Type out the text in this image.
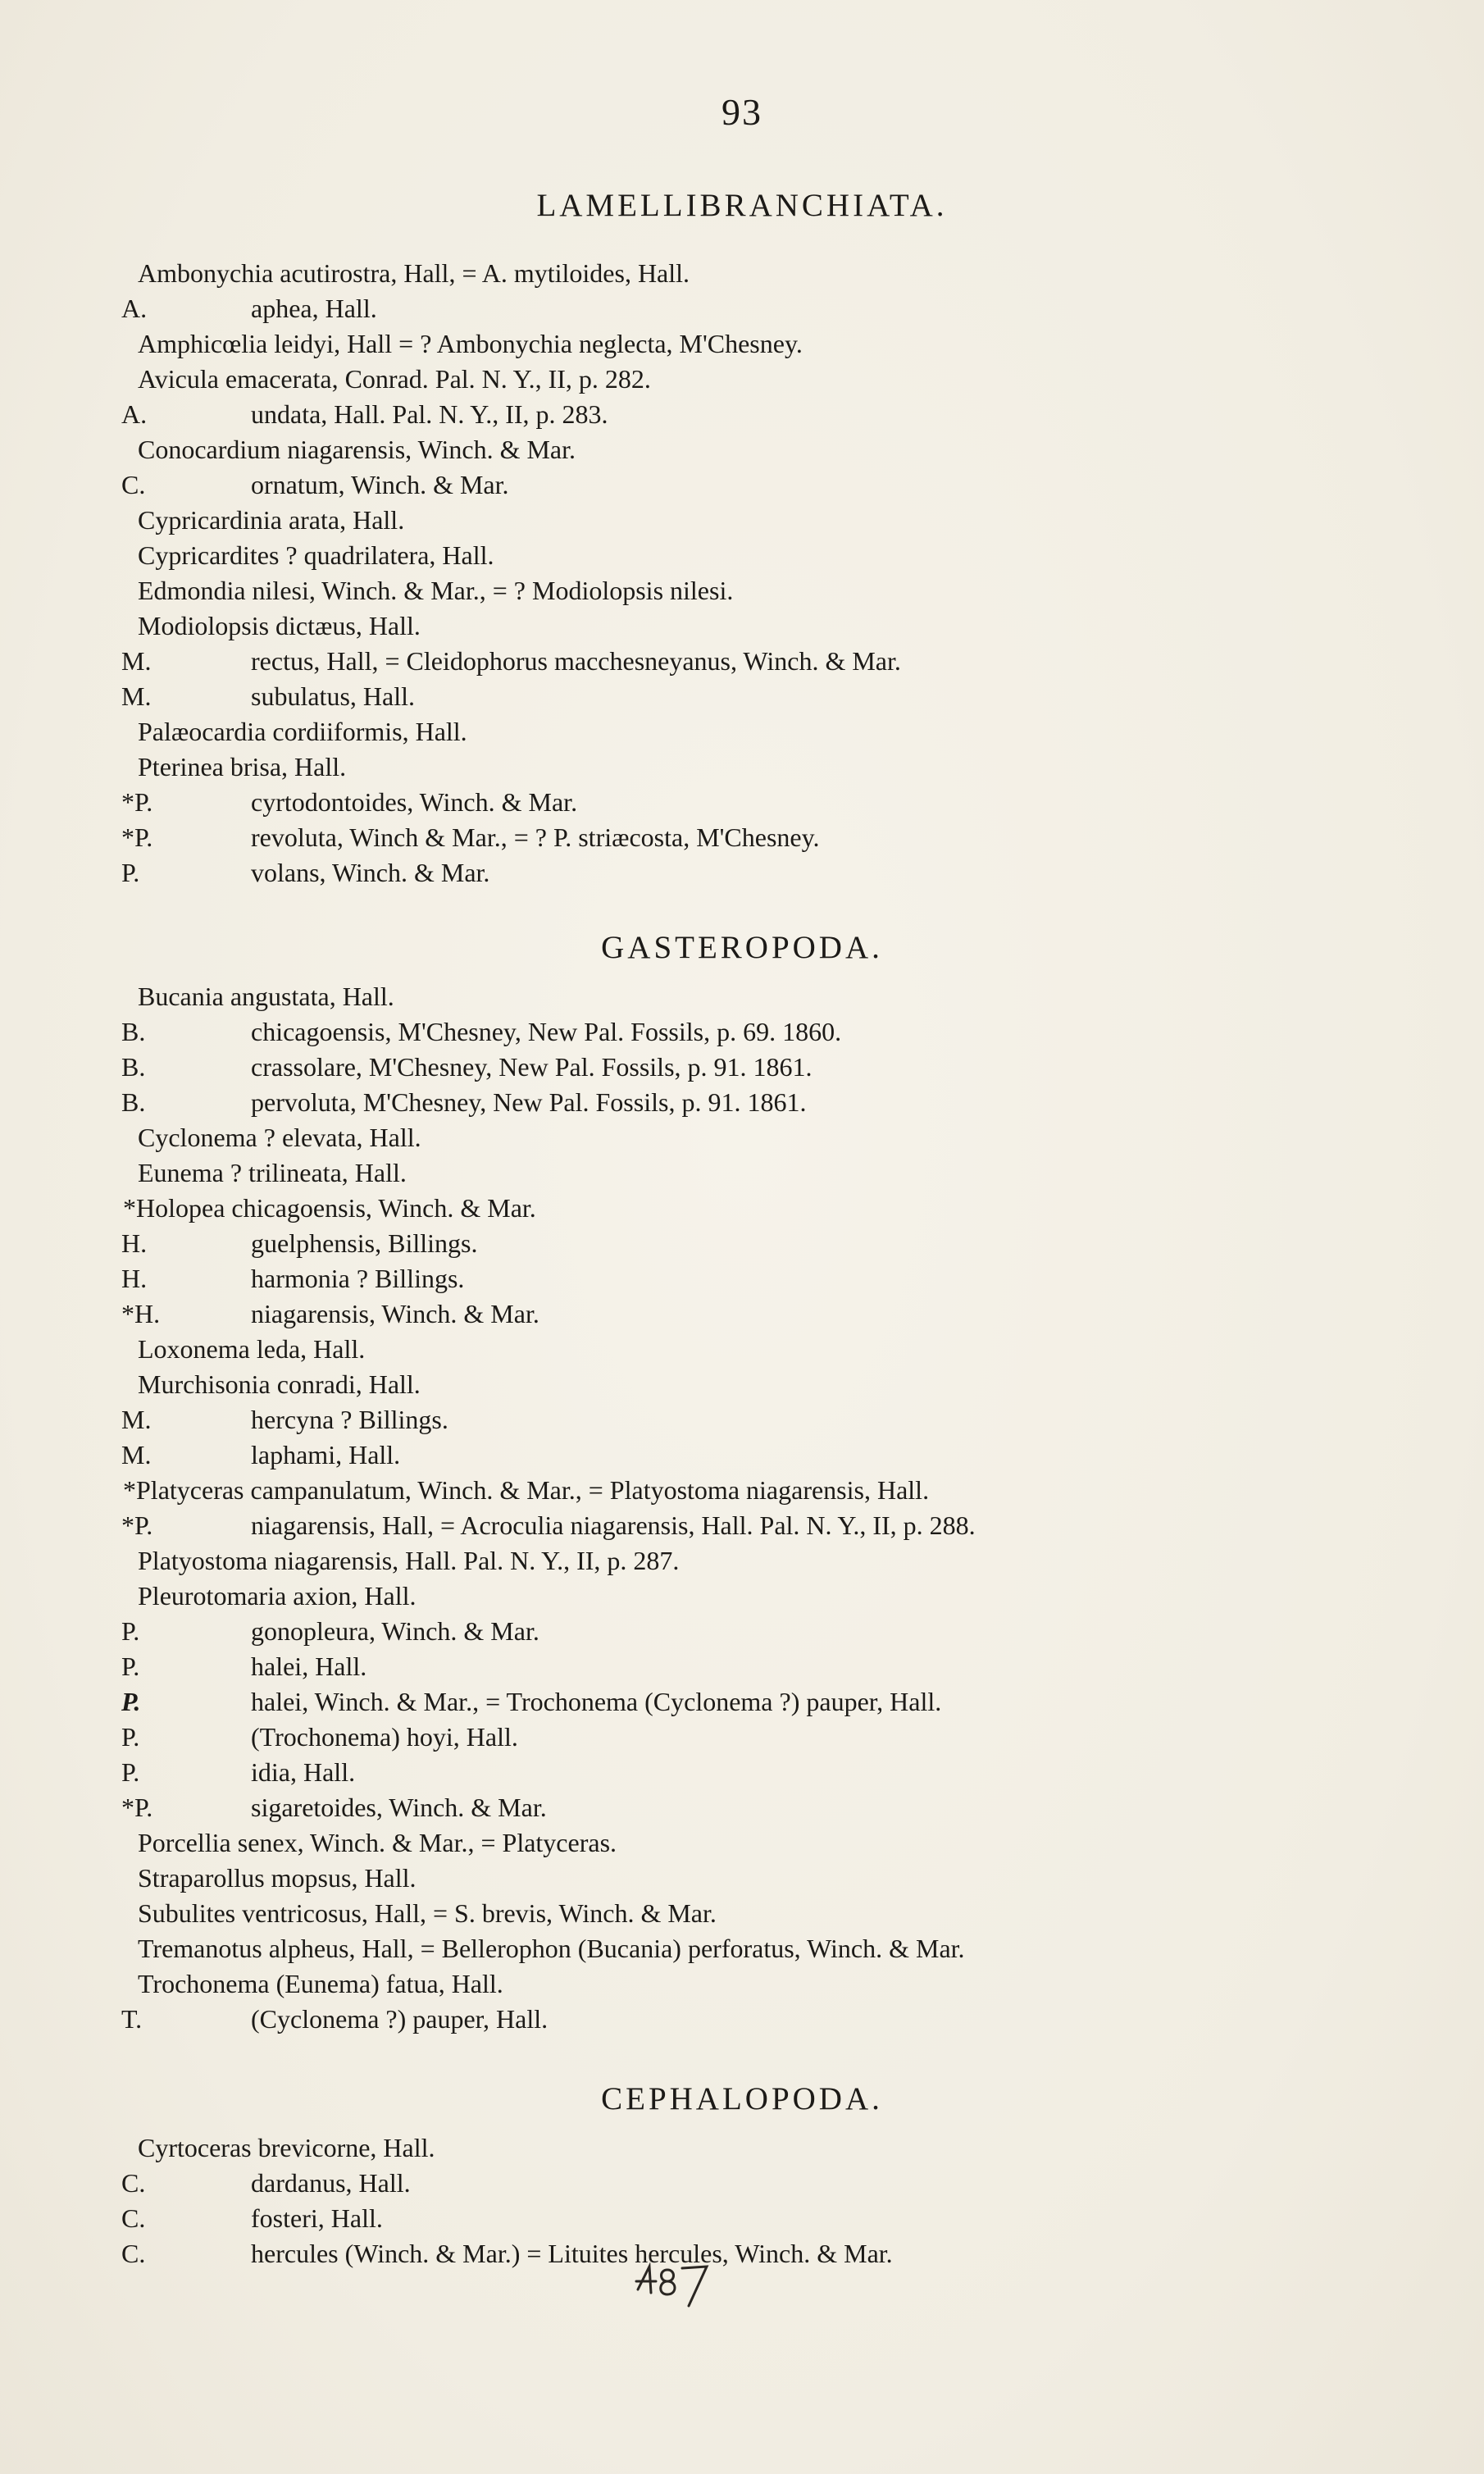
93
LAMELLIBRANCHIATA.
Ambonychia acutirostra, Hall, = A. mytiloides, Hall.
A.	aphea, Hall.
Amphicœlia leidyi, Hall = ? Ambonychia neglecta, M'Chesney.
Avicula emacerata, Conrad. Pal. N. Y., II, p. 282.
A.	undata, Hall. Pal. N. Y., II, p. 283.
Conocardium niagarensis, Winch. & Mar.
C.	ornatum, Winch. & Mar.
Cypricardinia arata, Hall.
Cypricardites ? quadrilatera, Hall.
Edmondia nilesi, Winch. & Mar., = ? Modiolopsis nilesi.
Modiolopsis dictæus, Hall.
M.	rectus, Hall, = Cleidophorus macchesneyanus, Winch. & Mar.
M.	subulatus, Hall.
Palæocardia cordiiformis, Hall.
Pterinea brisa, Hall.
*P.	cyrtodontoides, Winch. & Mar.
*P.	revoluta, Winch & Mar., = ? P. striæcosta, M'Chesney.
P.	volans, Winch. & Mar.
GASTEROPODA.
Bucania angustata, Hall.
B.	chicagoensis, M'Chesney, New Pal. Fossils, p. 69. 1860.
B.	crassolare, M'Chesney, New Pal. Fossils, p. 91. 1861.
B.	pervoluta, M'Chesney, New Pal. Fossils, p. 91. 1861.
Cyclonema ? elevata, Hall.
Eunema ? trilineata, Hall.
*Holopea chicagoensis, Winch. & Mar.
H.	guelphensis, Billings.
H.	harmonia ? Billings.
*H.	niagarensis, Winch. & Mar.
Loxonema leda, Hall.
Murchisonia conradi, Hall.
M.	hercyna ? Billings.
M.	laphami, Hall.
*Platyceras campanulatum, Winch. & Mar., = Platyostoma niagarensis, Hall.
*P.	niagarensis, Hall, = Acroculia niagarensis, Hall. Pal. N. Y., II, p. 288.
Platyostoma niagarensis, Hall. Pal. N. Y., II, p. 287.
Pleurotomaria axion, Hall.
P.	gonopleura, Winch. & Mar.
P.	halei, Hall.
P.	halei, Winch. & Mar., = Trochonema (Cyclonema ?) pauper, Hall.
P.	(Trochonema) hoyi, Hall.
P.	idia, Hall.
*P.	sigaretoides, Winch. & Mar.
Porcellia senex, Winch. & Mar., = Platyceras.
Straparollus mopsus, Hall.
Subulites ventricosus, Hall, = S. brevis, Winch. & Mar.
Tremanotus alpheus, Hall, = Bellerophon (Bucania) perforatus, Winch. & Mar.
Trochonema (Eunema) fatua, Hall.
T.	(Cyclonema ?) pauper, Hall.
CEPHALOPODA.
Cyrtoceras brevicorne, Hall.
C.	dardanus, Hall.
C.	fosteri, Hall.
C.	hercules (Winch. & Mar.) = Lituites hercules, Winch. & Mar.
